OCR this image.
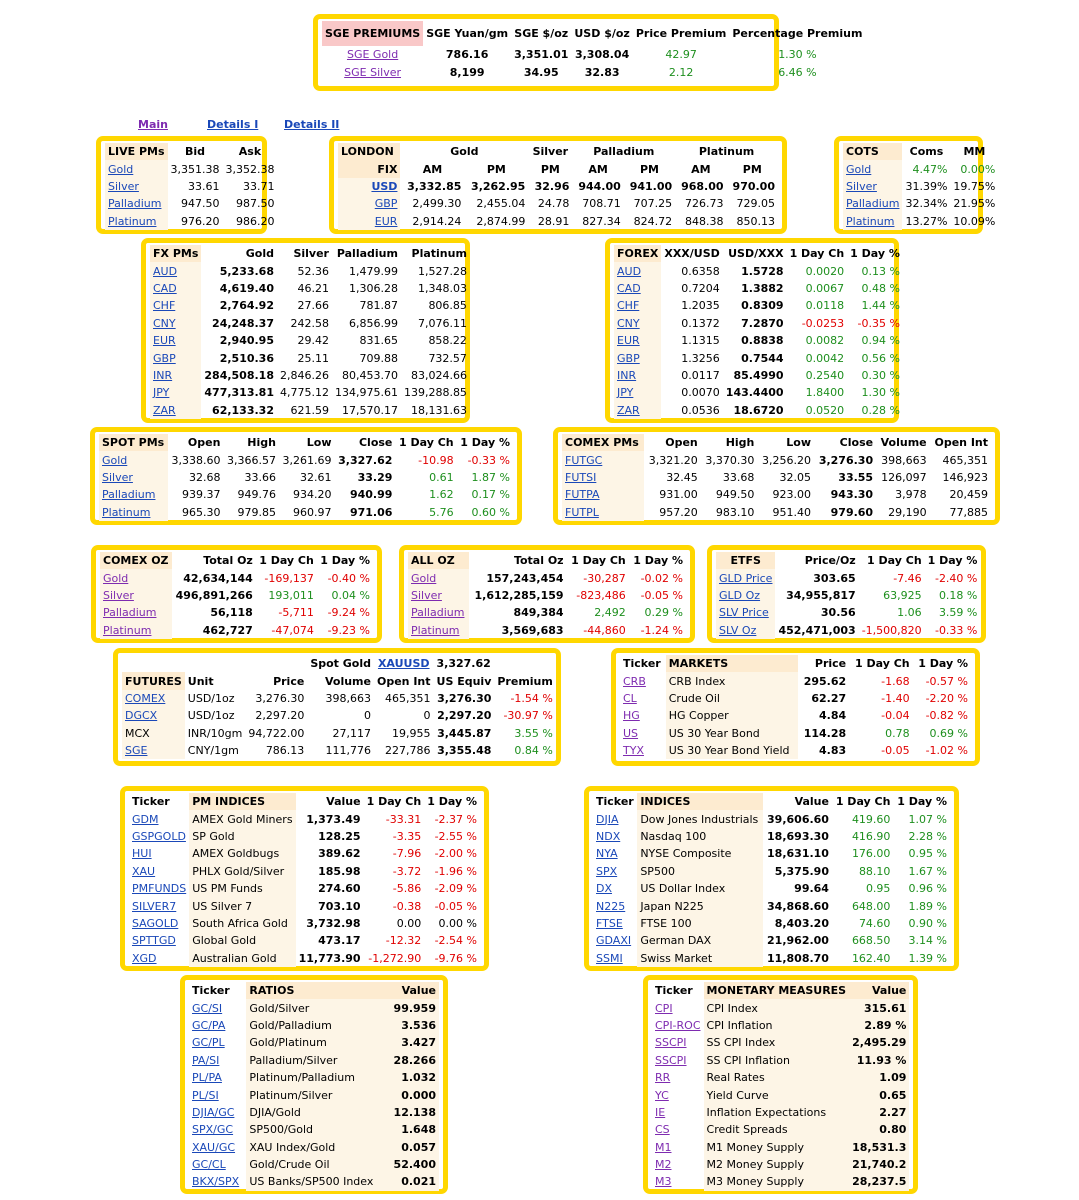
Main	Details I Details II
SGE PREMIUMS	SGE Yuan/gm	SGE $/oz	USD $/oz	Price Premium	Percentage Premium
SGE Gold	786.16	3,351.01	3,308.04	42.97	1.30 %
SGE Silver	8,199	34.95	32.83	2.12	6.46 %
LIVE PMs	Bid	Ask
Gold	3,351.38	3,352.38
Silver	33.61	33.71
Palladium	947.50	987.50
Platinum	976.20	986.20
LONDON	Gold		Silver	Palladium		Platinum	
FIX	AM	PM	PM	AM	PM	AM	PM
USD	3,332.85	3,262.95	32.96	944.00	941.00	968.00	970.00
GBP	2,499.30	2,455.04	24.78	708.71	707.25	726.73	729.05
EUR	2,914.24	2,874.99	28.91	827.34	824.72	848.38	850.13
COTS	Coms	MM
Gold	4.47%	0.00%
Silver	31.39%	19.75%
Palladium	32.34%	21.95%
Platinum	13.27%	10.09%
FX PMs	Gold	Silver	Palladium	Platinum
AUD	5,233.68	52.36	1,479.99	1,527.28
CAD	4,619.40	46.21	1,306.28	1,348.03
CHF	2,764.92	27.66	781.87	806.85
CNY	24,248.37	242.58	6,856.99	7,076.11
EUR	2,940.95	29.42	831.65	858.22
GBP	2,510.36	25.11	709.88	732.57
INR	284,508.18	2,846.26	80,453.70	83,024.66
JPY	477,313.81	4,775.12	134,975.61	139,288.85
ZAR	62,133.32	621.59	17,570.17	18,131.63
FOREX	XXX/USD	USD/XXX	1 Day Ch	1 Day %
AUD	0.6358	1.5728	0.0020	0.13 %
CAD	0.7204	1.3882	0.0067	0.48 %
CHF	1.2035	0.8309	0.0118	1.44 %
CNY	0.1372	7.2870	-0.0253	-0.35 %
EUR	1.1315	0.8838	0.0082	0.94 %
GBP	1.3256	0.7544	0.0042	0.56 %
INR	0.0117	85.4990	0.2540	0.30 %
JPY	0.0070	143.4400	1.8400	1.30 %
ZAR	0.0536	18.6720	0.0520	0.28 %
SPOT PMs	Open	High	Low	Close	1 Day Ch	1 Day %
Gold	3,338.60	3,366.57	3,261.69	3,327.62	-10.98	-0.33 %
Silver	32.68	33.66	32.61	33.29	0.61	1.87 %
Palladium	939.37	949.76	934.20	940.99	1.62	0.17 %
Platinum	965.30	979.85	960.97	971.06	5.76	0.60 %
COMEX PMs	Open	High	Low	Close	Volume	Open Int
FUTGC	3,321.20	3,370.30	3,256.20	3,276.30	398,663	465,351
FUTSI	32.45	33.68	32.05	33.55	126,097	146,923
FUTPA	931.00	949.50	923.00	943.30	3,978	20,459
FUTPL	957.20	983.10	951.40	979.60	29,190	77,885
COMEX OZ	Total Oz	1 Day Ch	1 Day %
Gold	42,634,144	-169,137	-0.40 %
Silver	496,891,266	193,011	0.04 %
Palladium	56,118	-5,711	-9.24 %
Platinum	462,727	-47,074	-9.23 %
ALL OZ	Total Oz	1 Day Ch	1 Day %
Gold	157,243,454	-30,287	-0.02 %
Silver	1,612,285,159	-823,486	-0.05 %
Palladium	849,384	2,492	0.29 %
Platinum	3,569,683	-44,860	-1.24 %
ETFS	Price/Oz	1 Day Ch	1 Day %
GLD Price	303.65	-7.46	-2.40 %
GLD Oz	34,955,817	63,925	0.18 %
SLV Price	30.56	1.06	3.59 %
SLV Oz	452,471,003	-1,500,820	-0.33 %
			Spot Gold	XAUUSD	3,327.62	
FUTURES	Unit	Price	Volume	Open Int	US Equiv	Premium
COMEX	USD/1oz	3,276.30	398,663	465,351	3,276.30	-1.54 %
DGCX	USD/1oz	2,297.20	0	0	2,297.20	-30.97 %
MCX	INR/10gm	94,722.00	27,117	19,955	3,445.87	3.55 %
SGE	CNY/1gm	786.13	111,776	227,786	3,355.48	0.84 %
Ticker	MARKETS	Price	1 Day Ch	1 Day %
CRB	CRB Index	295.62	-1.68	-0.57 %
CL	Crude Oil	62.27	-1.40	-2.20 %
HG	HG Copper	4.84	-0.04	-0.82 %
US	US 30 Year Bond	114.28	0.78	0.69 %
TYX	US 30 Year Bond Yield	4.83	-0.05	-1.02 %
Ticker	PM INDICES	Value	1 Day Ch	1 Day %
GDM	AMEX Gold Miners	1,373.49	-33.31	-2.37 %
GSPGOLD	SP Gold	128.25	-3.35	-2.55 %
HUI	AMEX Goldbugs	389.62	-7.96	-2.00 %
XAU	PHLX Gold/Silver	185.98	-3.72	-1.96 %
PMFUNDS	US PM Funds	274.60	-5.86	-2.09 %
SILVER7	US Silver 7	703.10	-0.38	-0.05 %
SAGOLD	South Africa Gold	3,732.98	0.00	0.00 %
SPTTGD	Global Gold	473.17	-12.32	-2.54 %
XGD	Australian Gold	11,773.90	-1,272.90	-9.76 %
Ticker	INDICES	Value	1 Day Ch	1 Day %
DJIA	Dow Jones Industrials	39,606.60	419.60	1.07 %
NDX	Nasdaq 100	18,693.30	416.90	2.28 %
NYA	NYSE Composite	18,631.10	176.00	0.95 %
SPX	SP500	5,375.90	88.10	1.67 %
DX	US Dollar Index	99.64	0.95	0.96 %
N225	Japan N225	34,868.60	648.00	1.89 %
FTSE	FTSE 100	8,403.20	74.60	0.90 %
GDAXI	German DAX	21,962.00	668.50	3.14 %
SSMI	Swiss Market	11,808.70	162.40	1.39 %
Ticker	RATIOS	Value
GC/SI	Gold/Silver	99.959
GC/PA	Gold/Palladium	3.536
GC/PL	Gold/Platinum	3.427
PA/SI	Palladium/Silver	28.266
PL/PA	Platinum/Palladium	1.032
PL/SI	Platinum/Silver	0.000
DJIA/GC	DJIA/Gold	12.138
SPX/GC	SP500/Gold	1.648
XAU/GC	XAU Index/Gold	0.057
GC/CL	Gold/Crude Oil	52.400
BKX/SPX	US Banks/SP500 Index	0.021
Ticker	MONETARY MEASURES	Value
CPI	CPI Index	315.61
CPI-ROC	CPI Inflation	2.89 %
SSCPI	SS CPI Index	2,495.29
SSCPI	SS CPI Inflation	11.93 %
RR	Real Rates	1.09
YC	Yield Curve	0.65
IE	Inflation Expectations	2.27
CS	Credit Spreads	0.80
M1	M1 Money Supply	18,531.3
M2	M2 Money Supply	21,740.2
M3	M3 Money Supply	28,237.5
